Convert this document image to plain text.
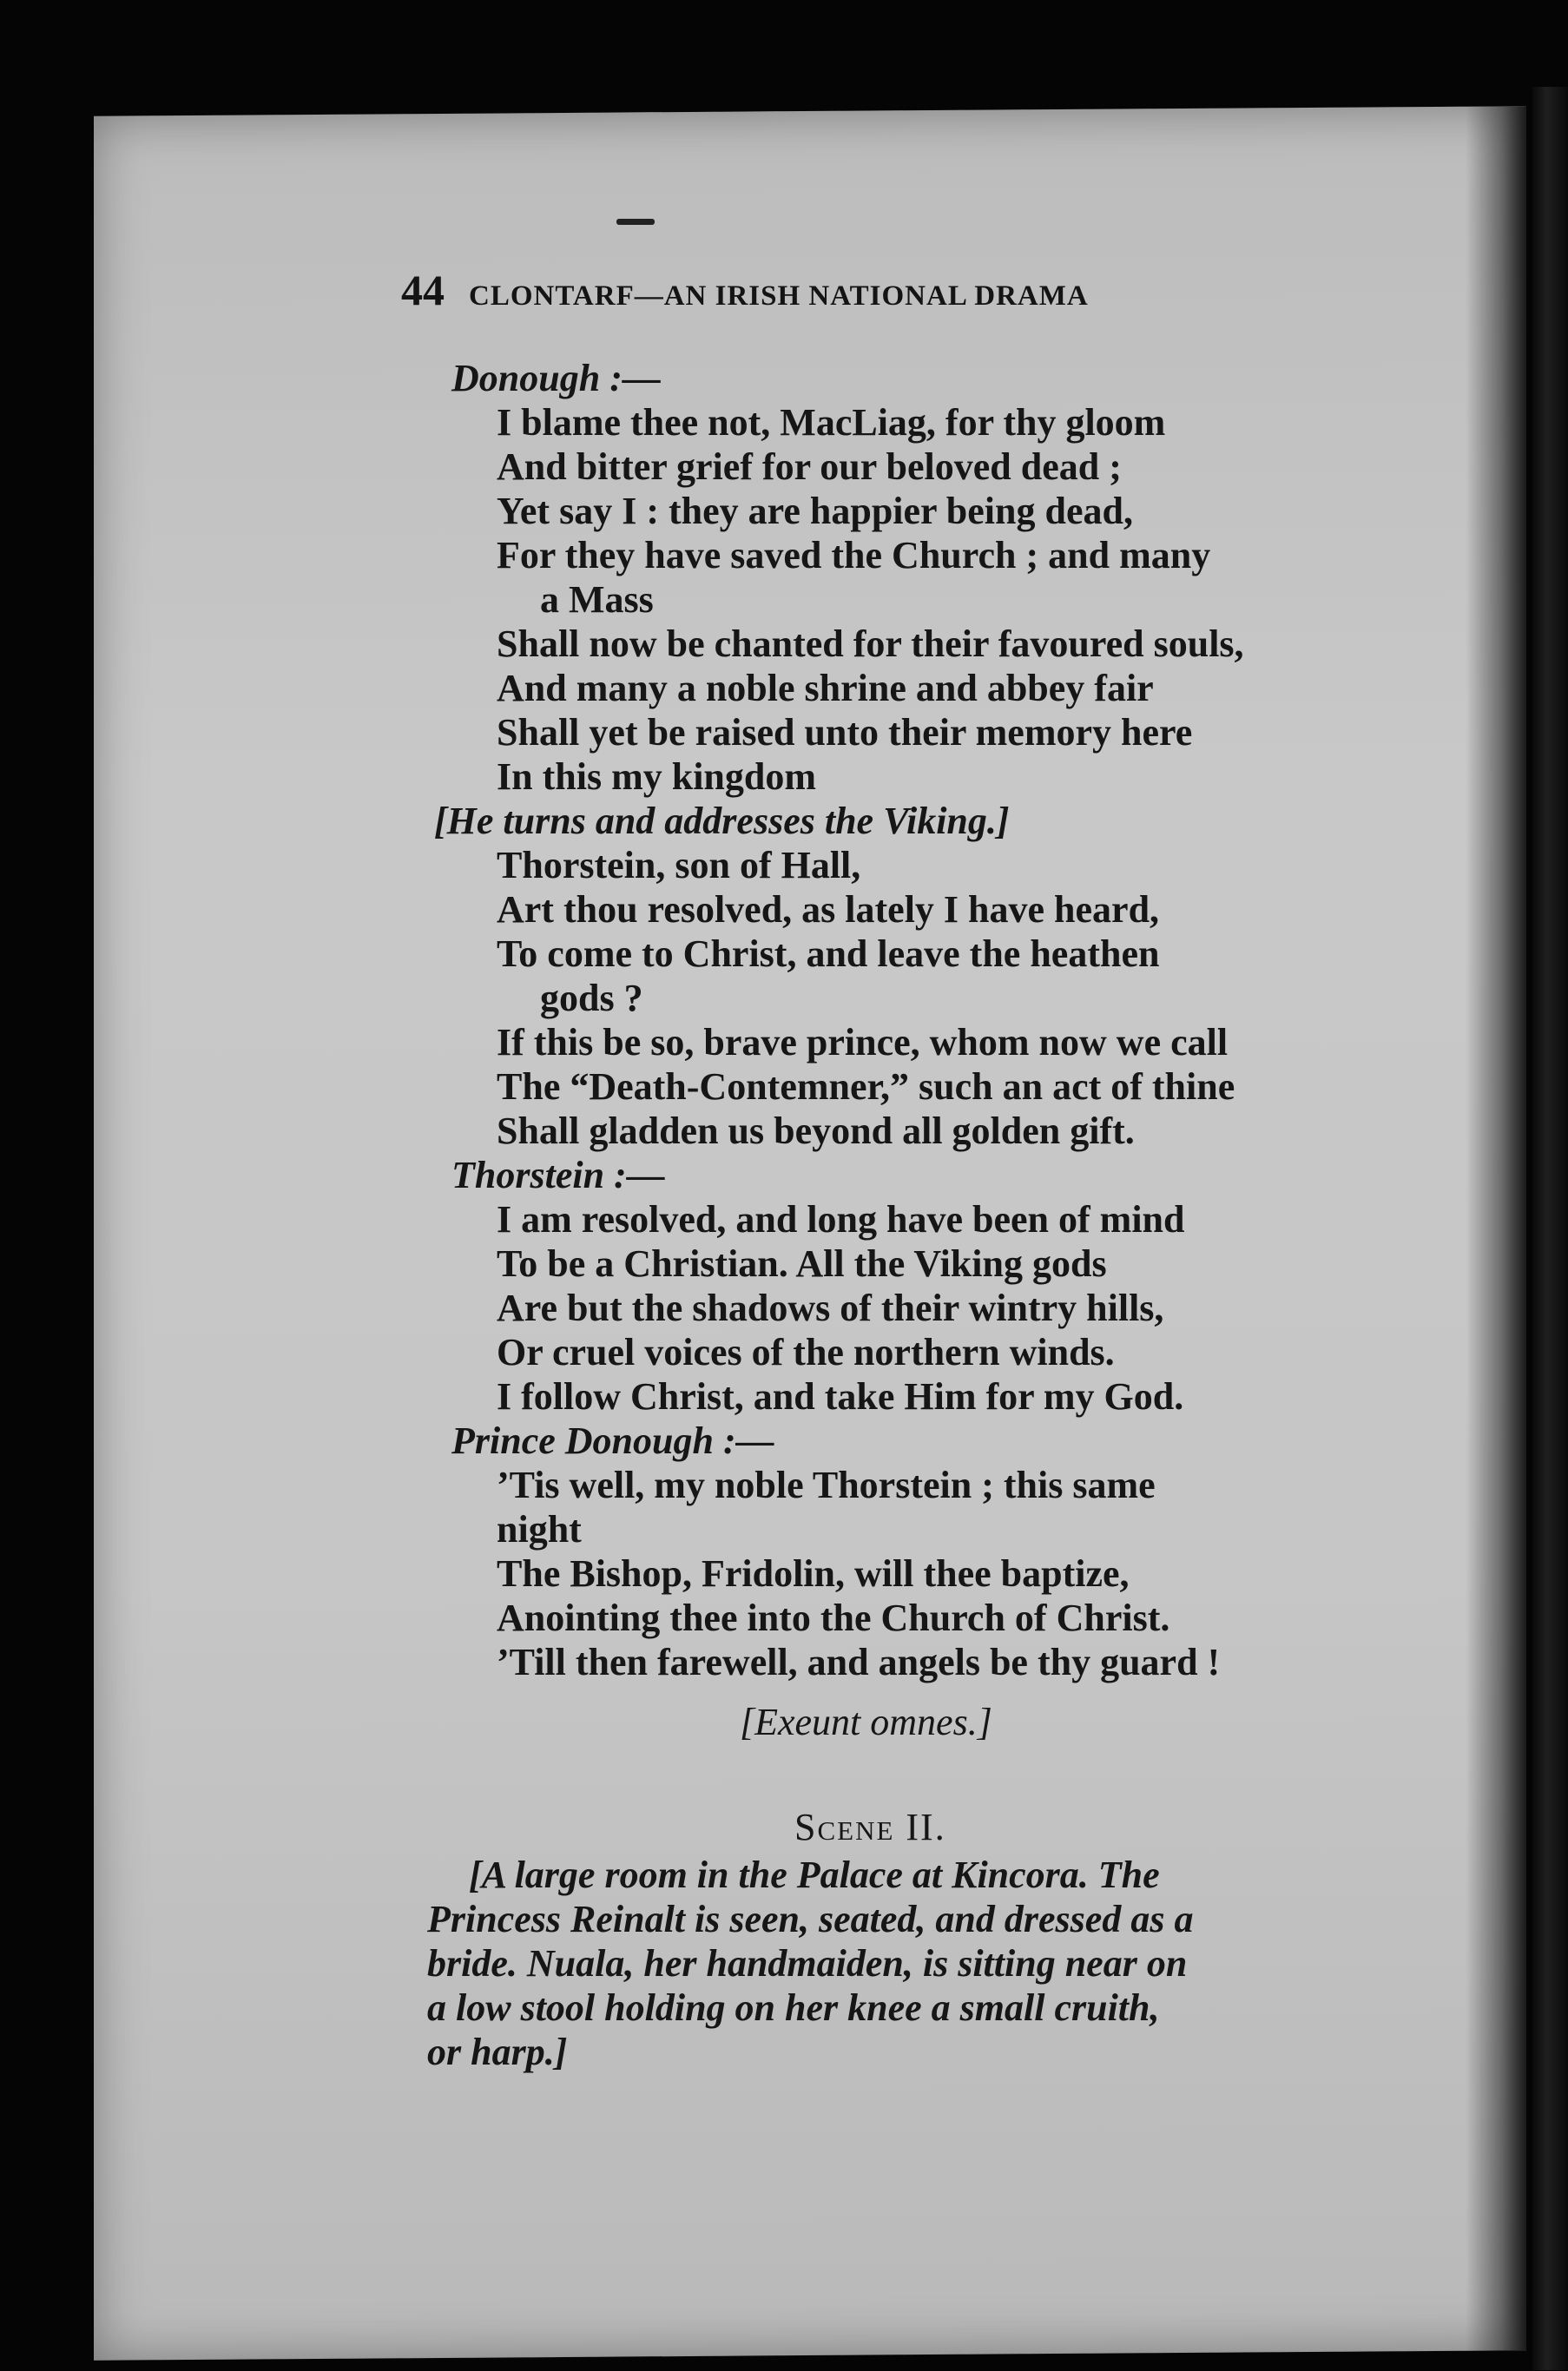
44 CLONTARF—AN IRISH NATIONAL DRAMA
Donough :—
I blame thee not, MacLiag, for thy gloom
And bitter grief for our beloved dead ;
Yet say I : they are happier being dead,
For they have saved the Church ; and many
a Mass
Shall now be chanted for their favoured souls,
And many a noble shrine and abbey fair
Shall yet be raised unto their memory here
In this my kingdom
[He turns and addresses the Viking.]
Thorstein, son of Hall,
Art thou resolved, as lately I have heard,
To come to Christ, and leave the heathen
gods ?
If this be so, brave prince, whom now we call
The “Death-Contemner,” such an act of thine
Shall gladden us beyond all golden gift.
Thorstein :—
I am resolved, and long have been of mind
To be a Christian. All the Viking gods
Are but the shadows of their wintry hills,
Or cruel voices of the northern winds.
I follow Christ, and take Him for my God.
Prince Donough :—
’Tis well, my noble Thorstein ; this same
night
The Bishop, Fridolin, will thee baptize,
Anointing thee into the Church of Christ.
’Till then farewell, and angels be thy guard !
[Exeunt omnes.]
Scene II.
[A large room in the Palace at Kincora. The
Princess Reinalt is seen, seated, and dressed as a
bride. Nuala, her handmaiden, is sitting near on
a low stool holding on her knee a small cruith,
or harp.]
